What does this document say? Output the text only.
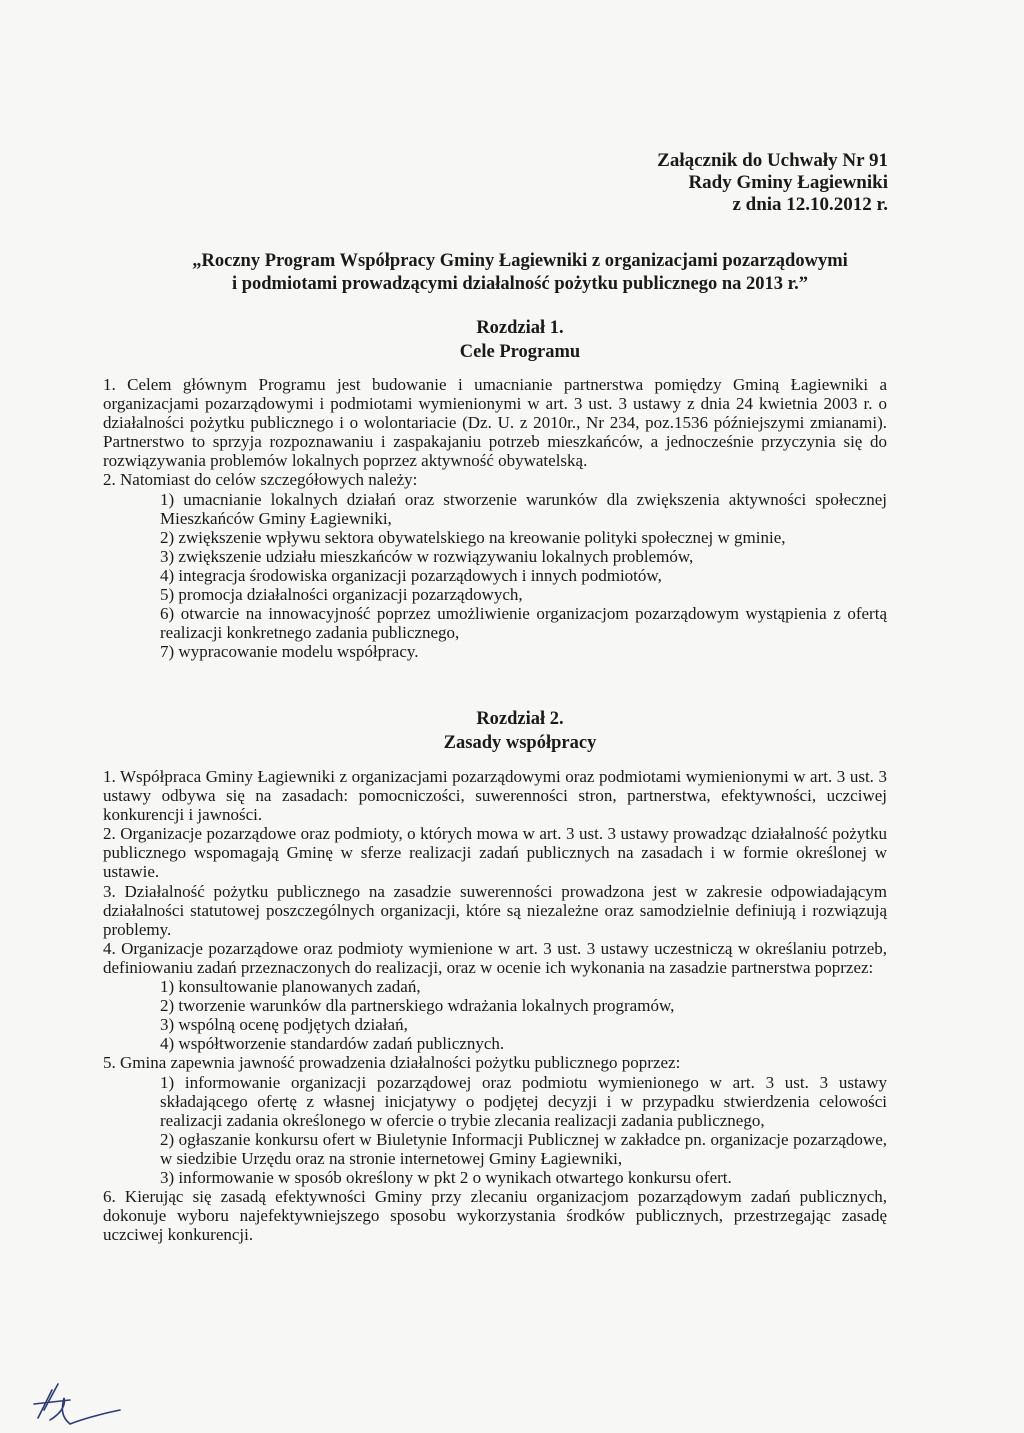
Załącznik do Uchwały Nr 91
Rady Gminy Łagiewniki
z dnia 12.10.2012 r.
„Roczny Program Współpracy Gminy Łagiewniki z organizacjami pozarządowymi
i podmiotami prowadzącymi działalność pożytku publicznego na 2013 r.”
Rozdział 1.
Cele Programu

1. Celem głównym Programu jest budowanie i umacnianie partnerstwa pomiędzy Gminą Łagiewniki a organizacjami pozarządowymi i podmiotami wymienionymi w art. 3 ust. 3 ustawy z dnia 24 kwietnia 2003 r. o działalności pożytku publicznego i o wolontariacie (Dz. U. z 2010r., Nr 234, poz.1536 późniejszymi zmianami). Partnerstwo to sprzyja rozpoznawaniu i zaspakajaniu potrzeb mieszkańców, a jednocześnie przyczynia się do rozwiązywania problemów lokalnych poprzez aktywność obywatelską.

2. Natomiast do celów szczegółowych należy:

1) umacnianie lokalnych działań oraz stworzenie warunków dla zwiększenia aktywności społecznej Mieszkańców Gminy Łagiewniki,

2) zwiększenie wpływu sektora obywatelskiego na kreowanie polityki społecznej w gminie,

3) zwiększenie udziału mieszkańców w rozwiązywaniu lokalnych problemów,

4) integracja środowiska organizacji pozarządowych i innych podmiotów,

5) promocja działalności organizacji pozarządowych,

6) otwarcie na innowacyjność poprzez umożliwienie organizacjom pozarządowym wystąpienia z ofertą realizacji konkretnego zadania publicznego,

7) wypracowanie modelu współpracy.

Rozdział 2.
Zasady współpracy

1. Współpraca Gminy Łagiewniki z organizacjami pozarządowymi oraz podmiotami wymienionymi w art. 3 ust. 3 ustawy odbywa się na zasadach: pomocniczości, suwerenności stron, partnerstwa, efektywności, uczciwej konkurencji i jawności.

2. Organizacje pozarządowe oraz podmioty, o których mowa w art. 3 ust. 3 ustawy prowadząc działalność pożytku publicznego wspomagają Gminę w sferze realizacji zadań publicznych na zasadach i w formie określonej w ustawie.

3. Działalność pożytku publicznego na zasadzie suwerenności prowadzona jest w zakresie odpowiadającym działalności statutowej poszczególnych organizacji, które są niezależne oraz samodzielnie definiują i rozwiązują problemy.

4. Organizacje pozarządowe oraz podmioty wymienione w art. 3 ust. 3 ustawy uczestniczą w określaniu potrzeb, definiowaniu zadań przeznaczonych do realizacji, oraz w ocenie ich wykonania na zasadzie partnerstwa poprzez:

1) konsultowanie planowanych zadań,

2) tworzenie warunków dla partnerskiego wdrażania lokalnych programów,

3) wspólną ocenę podjętych działań,

4) współtworzenie standardów zadań publicznych.

5. Gmina zapewnia jawność prowadzenia działalności pożytku publicznego poprzez:

1) informowanie organizacji pozarządowej oraz podmiotu wymienionego w art. 3 ust. 3 ustawy składającego ofertę z własnej inicjatywy o podjętej decyzji i w przypadku stwierdzenia celowości realizacji zadania określonego w ofercie o trybie zlecania realizacji zadania publicznego,

2) ogłaszanie konkursu ofert w Biuletynie Informacji Publicznej w zakładce pn. organizacje pozarządowe, w siedzibie Urzędu oraz na stronie internetowej Gminy Łagiewniki,

3) informowanie w sposób określony w pkt 2 o wynikach otwartego konkursu ofert.

6. Kierując się zasadą efektywności Gminy przy zlecaniu organizacjom pozarządowym zadań publicznych, dokonuje wyboru najefektywniejszego sposobu wykorzystania środków publicznych, przestrzegając zasadę uczciwej konkurencji.
